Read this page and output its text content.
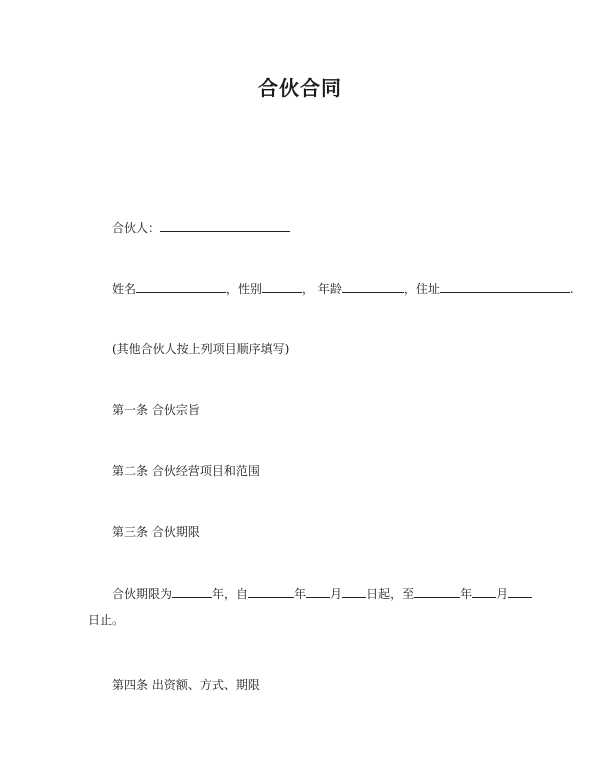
合伙合同
合伙人：
姓名	，性别	， 年龄	，住址	.
(其他合伙人按上列项目顺序填写)
第一条 合伙宗旨
第二条 合伙经营项目和范围
第三条 合伙期限
合伙期限为	年，自	年 月 日起，至	年 月
日止。
第四条 出资额、方式、期限
